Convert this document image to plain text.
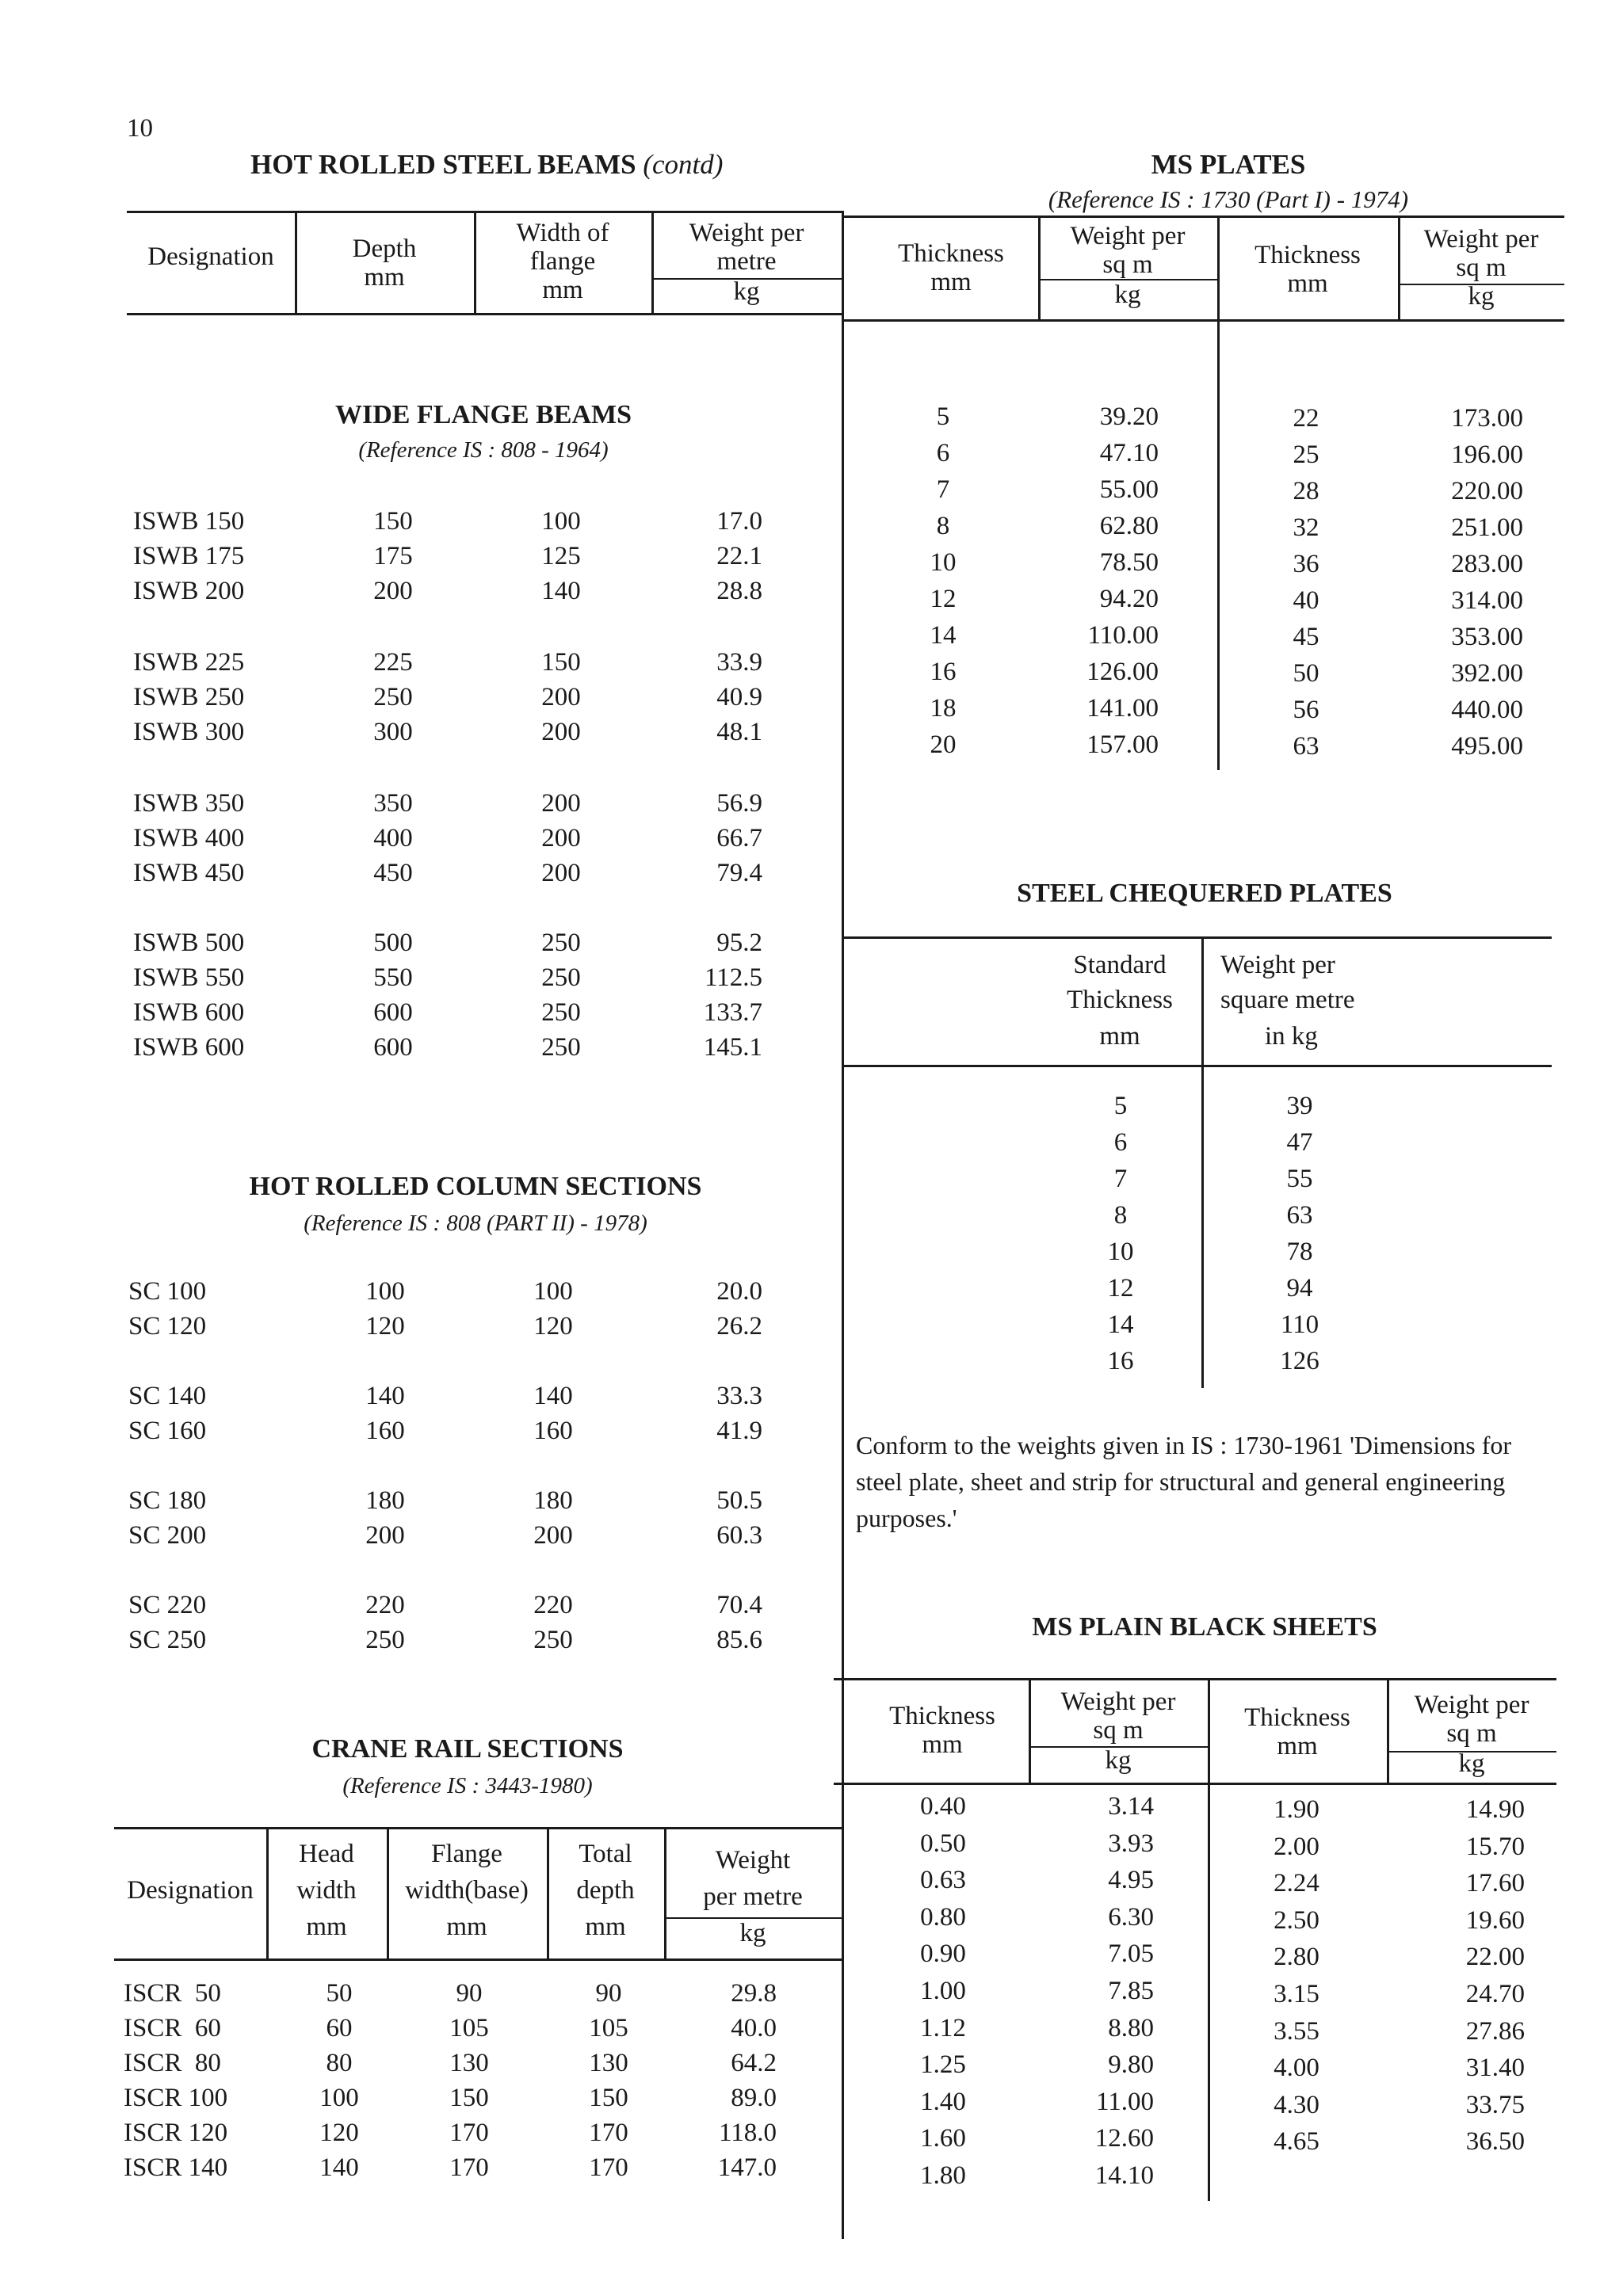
10
HOT ROLLED STEEL BEAMS (contd)
Designation	Depth
mm
Width of
flange
mm
Weight per
metre
kg
WIDE FLANGE BEAMS
(Reference IS : 808 - 1964)
ISWB 150	150	100	17.0
ISWB 175	175	125	22.1
ISWB 200	200	140	28.8
ISWB 225	225	150	33.9
ISWB 250	250	200	40.9
ISWB 300	300	200	48.1
ISWB 350	350	200	56.9
ISWB 400	400	200	66.7
ISWB 450	450	200	79.4
ISWB 500	500	250	95.2
ISWB 550	550	250	112.5
ISWB 600	600	250	133.7
ISWB 600	600	250	145.1
HOT ROLLED COLUMN SECTIONS
(Reference IS : 808 (PART II) - 1978)
SC 100	100	100	20.0
SC 120	120	120	26.2
SC 140	140	140	33.3
SC 160	160	160	41.9
SC 180	180	180	50.5
SC 200	200	200	60.3
SC 220	220	220	70.4
SC 250	250	250	85.6
CRANE RAIL SECTIONS
(Reference IS : 3443-1980)
Designation
Head
width
mm
Flange
width(base)
mm
Total
depth
mm
Weight
per metre
kg
ISCR  50	50	90	90	29.8
ISCR  60	60	105	105	40.0
ISCR  80	80	130	130	64.2
ISCR 100	100	150	150	89.0
ISCR 120	120	170	170	118.0
ISCR 140	140	170	170	147.0
MS PLATES
(Reference IS : 1730 (Part I) - 1974)
Thickness
mm
Weight per
sq m
kg
Thickness
mm
Weight per
sq m
kg
5	39.20
6	47.10
7	55.00
8	62.80
10	78.50
12	94.20
14	110.00
16	126.00
18	141.00
20	157.00
22	173.00
25	196.00
28	220.00
32	251.00
36	283.00
40	314.00
45	353.00
50	392.00
56	440.00
63	495.00
STEEL CHEQUERED PLATES
Standard
Thickness
mm
Weight per
square metre
in kg
5	39
6	47
7	55
8	63
10	78
12	94
14	110
16	126
Conform to the weights given in IS : 1730-1961 'Dimensions for
steel plate, sheet and strip for structural and general engineering
purposes.'
MS PLAIN BLACK SHEETS
Thickness
mm
Weight per
sq m
kg
Thickness
mm
Weight per
sq m
kg
0.40	3.14
0.50	3.93
0.63	4.95
0.80	6.30
0.90	7.05
1.00	7.85
1.12	8.80
1.25	9.80
1.40	11.00
1.60	12.60
1.80	14.10
1.90	14.90
2.00	15.70
2.24	17.60
2.50	19.60
2.80	22.00
3.15	24.70
3.55	27.86
4.00	31.40
4.30	33.75
4.65	36.50
